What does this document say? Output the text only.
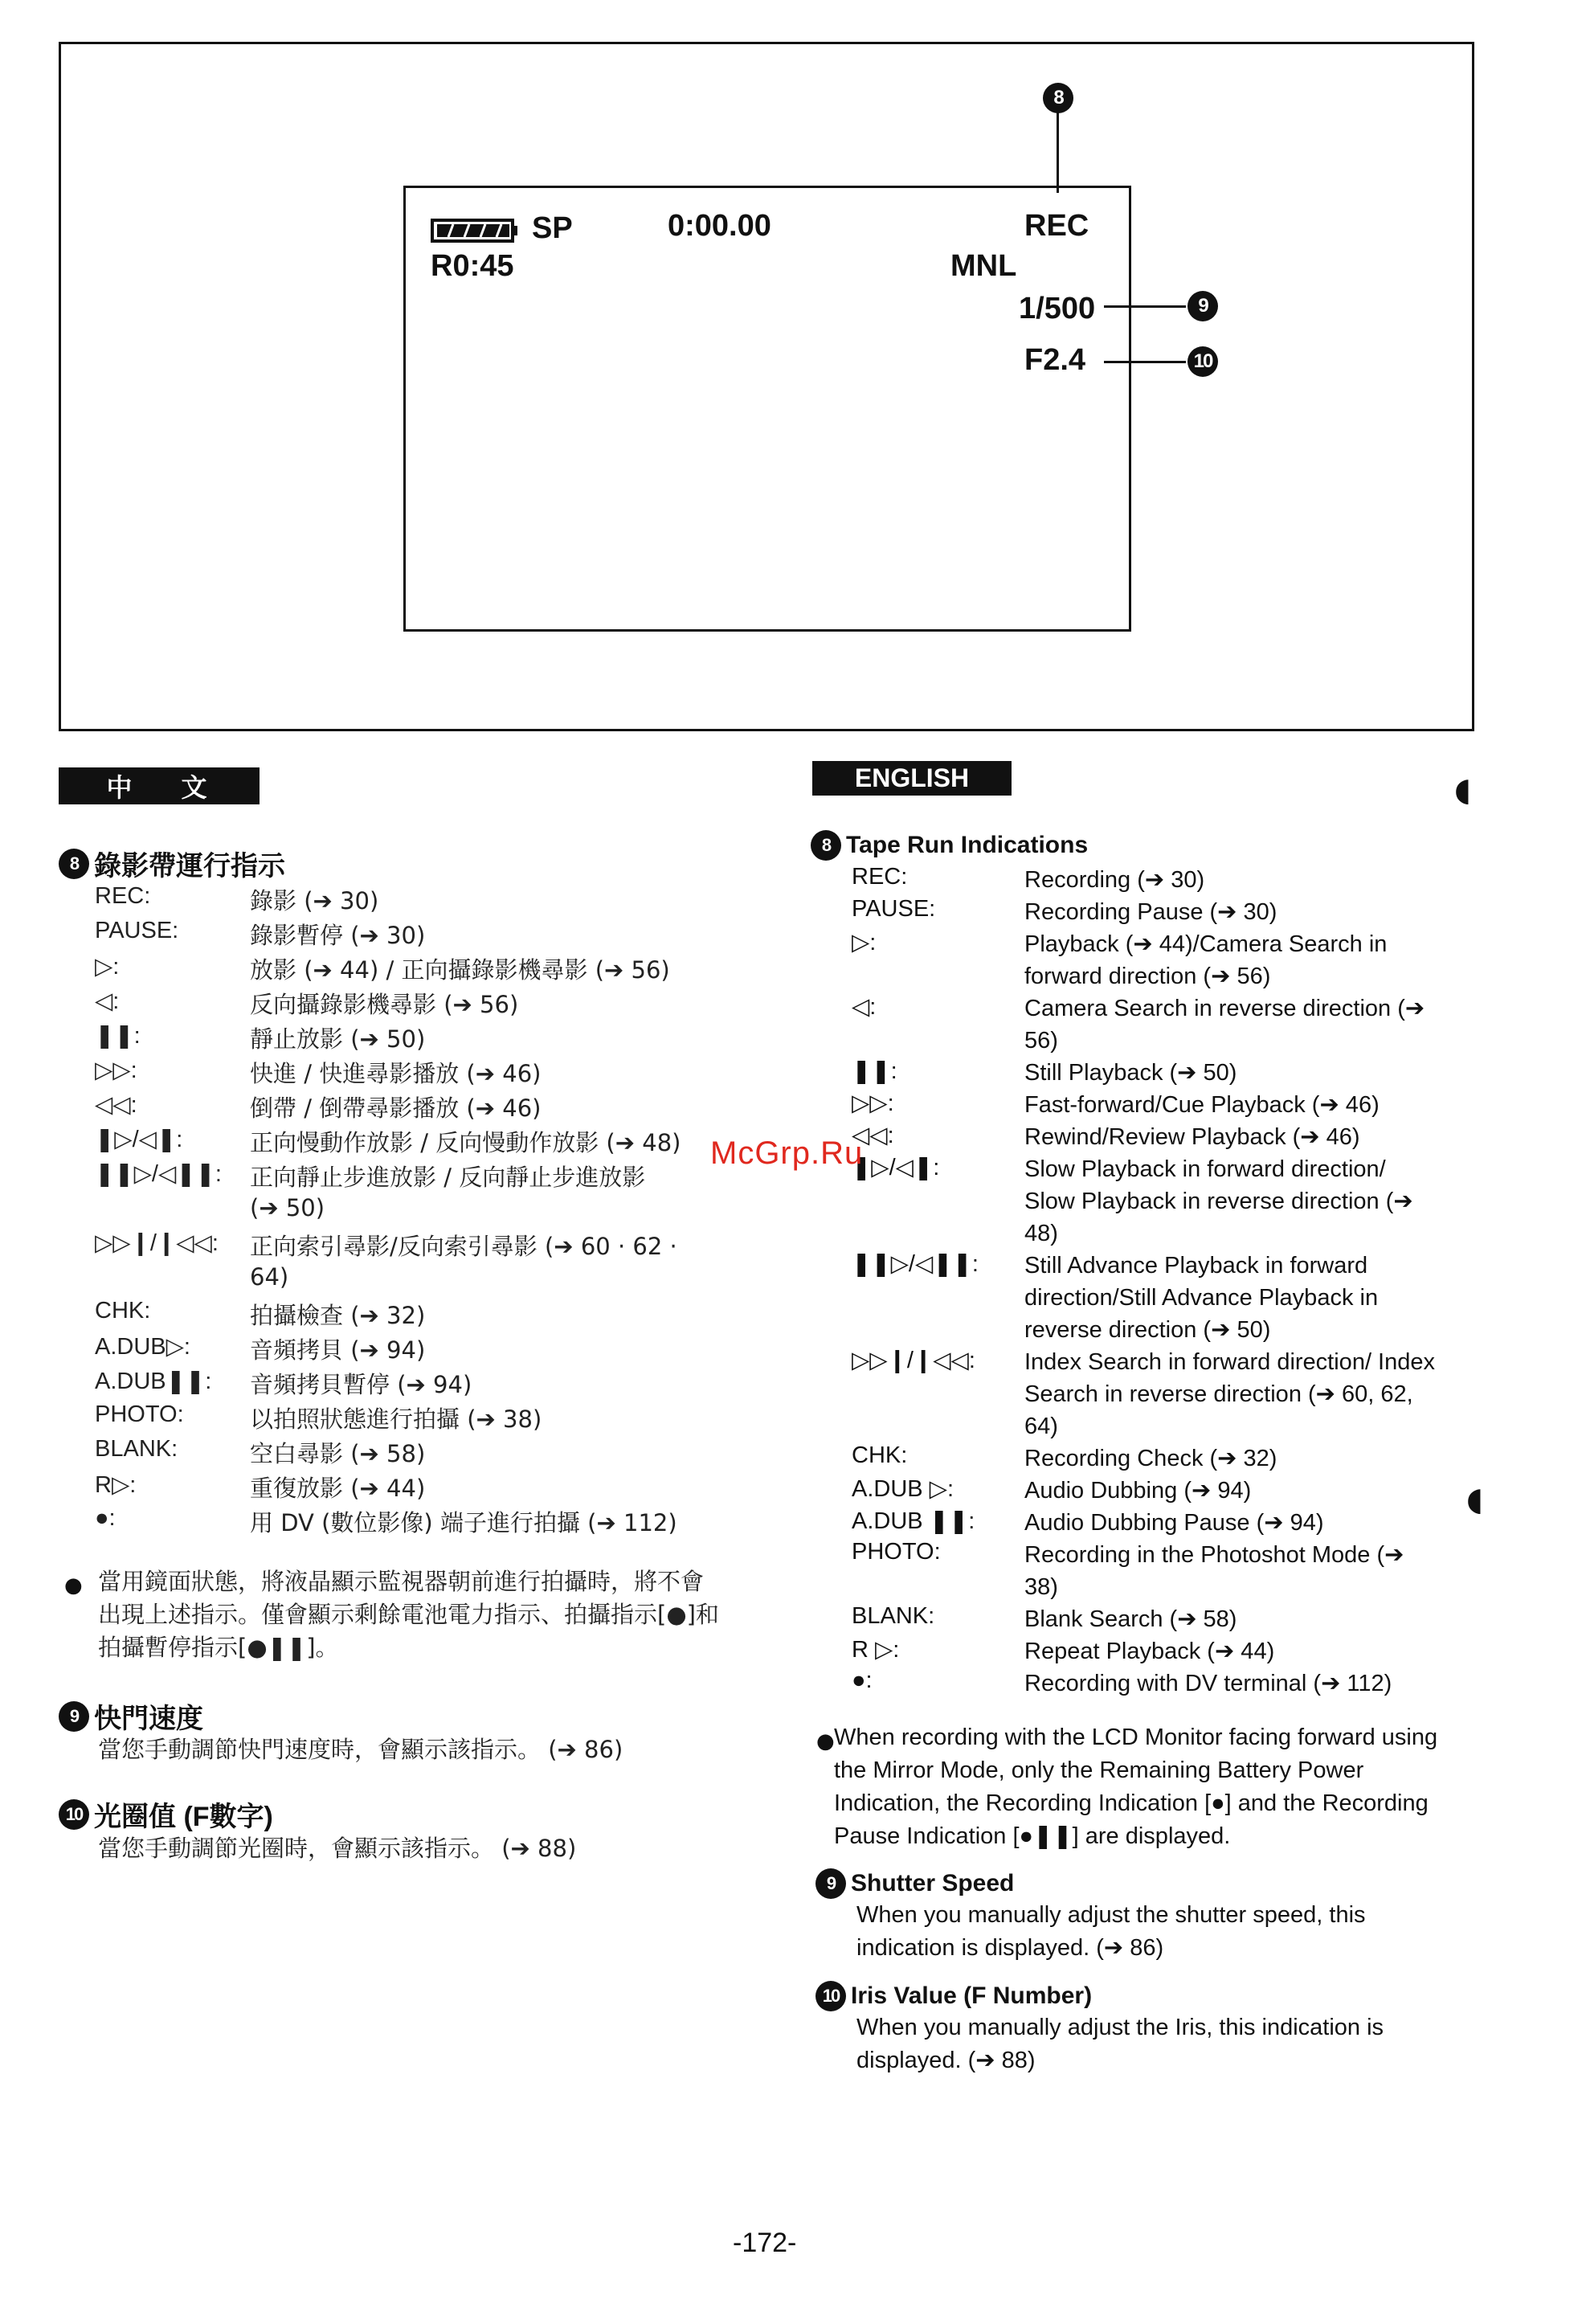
8
SP	0:00.00	REC
R0:45	MNL
1/500
F2.4
9
10
中 文	ENGLISH
8 錄影帶運行指示
REC:	錄影 (➔ 30)
PAUSE:	錄影暫停 (➔ 30)
▷:	放影 (➔ 44) / 正向攝錄影機尋影 (➔ 56)
◁:	反向攝錄影機尋影 (➔ 56)
❚❚:	靜止放影 (➔ 50)
▷▷:	快進 / 快進尋影播放 (➔ 46)
◁◁:	倒帶 / 倒帶尋影播放 (➔ 46)
❚▷/◁❚:	正向慢動作放影 / 反向慢動作放影 (➔ 48)
❚❚▷/◁❚❚: 正向靜止步進放影 / 反向靜止步進放影
(➔ 50)
▷▷❙/❙◁◁: 正向索引尋影/反向索引尋影 (➔ 60 · 62 ·
64)
CHK:	拍攝檢查 (➔ 32)
A.DUB▷:	音頻拷貝 (➔ 94)
A.DUB❚❚: 音頻拷貝暫停 (➔ 94)
PHOTO:	以拍照狀態進行拍攝 (➔ 38)
BLANK:	空白尋影 (➔ 58)
R▷:	重復放影 (➔ 44)
●:	用 DV (數位影像) 端子進行拍攝 (➔ 112)
● 當用鏡面狀態，將液晶顯示監視器朝前進行拍攝時，將不會出現上述指示。僅會顯示剩餘電池電力指示、拍攝指示[●]和拍攝暫停指示[●❚❚]。
9 快門速度
當您手動調節快門速度時，會顯示該指示。 (➔ 86)
10 光圈值 (F數字)
當您手動調節光圈時，會顯示該指示。 (➔ 88)
8 Tape Run Indications
REC:	Recording (➔ 30)
PAUSE:	Recording Pause (➔ 30)
▷:	Playback (➔ 44)/Camera Search in forward direction (➔ 56)
◁:	Camera Search in reverse direction (➔ 56)
❚❚:	Still Playback (➔ 50)
▷▷:	Fast-forward/Cue Playback (➔ 46)
◁◁:	Rewind/Review Playback (➔ 46)
❚▷/◁❚:	Slow Playback in forward direction/ Slow Playback in reverse direction (➔ 48)
❚❚▷/◁❚❚: Still Advance Playback in forward direction/Still Advance Playback in reverse direction (➔ 50)
▷▷❙/❙◁◁: Index Search in forward direction/ Index Search in reverse direction (➔ 60, 62, 64)
CHK:	Recording Check (➔ 32)
A.DUB ▷:	Audio Dubbing (➔ 94)
A.DUB ❚❚: Audio Dubbing Pause (➔ 94)
PHOTO:	Recording in the Photoshot Mode (➔ 38)
BLANK:	Blank Search (➔ 58)
R ▷:	Repeat Playback (➔ 44)
●:	Recording with DV terminal (➔ 112)
● When recording with the LCD Monitor facing forward using the Mirror Mode, only the Remaining Battery Power Indication, the Recording Indication [●] and the Recording Pause Indication [●❚❚] are displayed.
9 Shutter Speed
When you manually adjust the shutter speed, this indication is displayed. (➔ 86)
10 Iris Value (F Number)
When you manually adjust the Iris, this indication is displayed. (➔ 88)
McGrp.Ru
-172-
◖
◖
